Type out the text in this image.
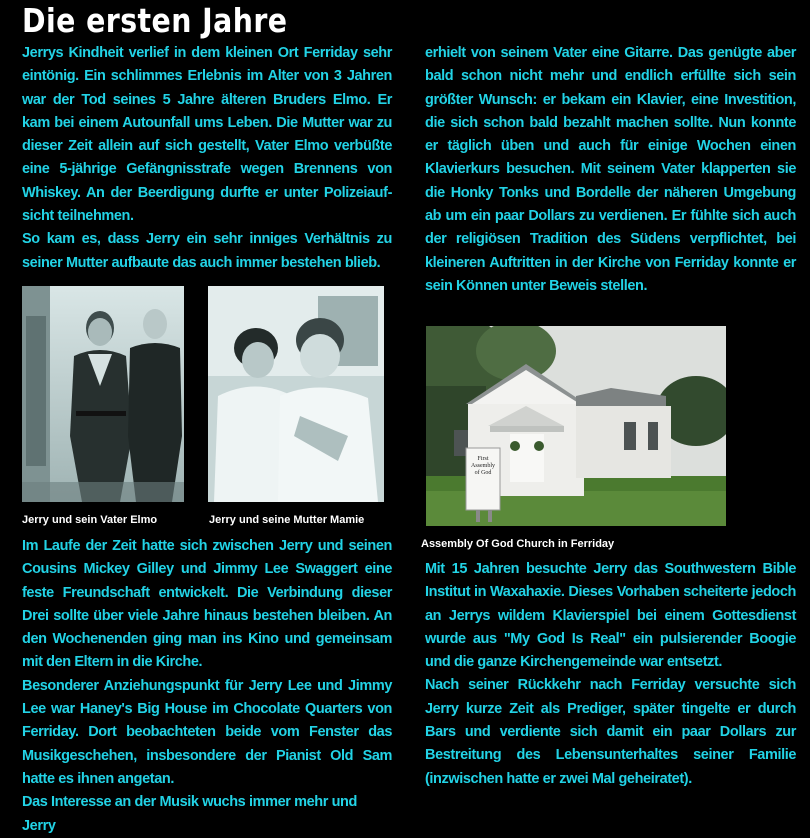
Die ersten Jahre

Jerrys Kindheit verlief in dem kleinen Ort Ferriday sehr eintönig. Ein schlimmes Erlebnis im Alter von 3 Jahren war der Tod seines 5 Jahre älteren Bruders Elmo. Er kam bei einem Autounfall ums Leben. Die Mutter war zu dieser Zeit allein auf sich gestellt, Vater Elmo verbüßte eine 5-jährige Gefängnisstrafe wegen Brennens von Whiskey. An der Beerdigung durfte er unter Polizeiauf-sicht teilnehmen.

So kam es, dass Jerry ein sehr inniges Verhältnis zu seiner Mutter aufbaute das auch immer bestehen blieb.

erhielt von seinem Vater eine Gitarre. Das genügte aber bald schon nicht mehr und endlich erfüllte sich sein größter Wunsch: er bekam ein Klavier, eine Investition, die sich schon bald bezahlt machen sollte. Nun konnte er täglich üben und auch für einige Wochen einen Klavierkurs besuchen. Mit seinem Vater klapperten sie die Honky Tonks und Bordelle der näheren Umgebung ab um ein paar Dollars zu verdienen. Er fühlte sich auch der religiösen Tradition des Südens verpflichtet, bei kleineren Auftritten in der Kirche von Ferriday konnte er sein Können unter Beweis stellen.

Jerry und sein Vater Elmo	Jerry und seine Mutter Mamie
First Assembly of God
Assembly Of God Church in Ferriday

Im Laufe der Zeit hatte sich zwischen Jerry und seinen Cousins Mickey Gilley und Jimmy Lee Swaggert eine feste Freundschaft entwickelt. Die Verbindung dieser Drei sollte über viele Jahre hinaus bestehen bleiben. An den Wochenenden ging man ins Kino und gemeinsam mit den Eltern in die Kirche.

Besonderer Anziehungspunkt für Jerry Lee und Jimmy Lee war Haney's Big House im Chocolate Quarters von Ferriday. Dort beobachteten beide vom Fenster das Musikgeschehen, insbesondere der Pianist Old Sam hatte es ihnen angetan.

Das Interesse an der Musik wuchs immer mehr und Jerry

Mit 15 Jahren besuchte Jerry das Southwestern Bible Institut in Waxahaxie. Dieses Vorhaben scheiterte jedoch an Jerrys wildem Klavierspiel bei einem Gottesdienst wurde aus "My God Is Real" ein pulsierender Boogie und die ganze Kirchengemeinde war entsetzt.

Nach seiner Rückkehr nach Ferriday versuchte sich Jerry kurze Zeit als Prediger, später tingelte er durch Bars und verdiente sich damit ein paar Dollars zur Bestreitung des Lebensunterhaltes seiner Familie (inzwischen hatte er zwei Mal geheiratet).
